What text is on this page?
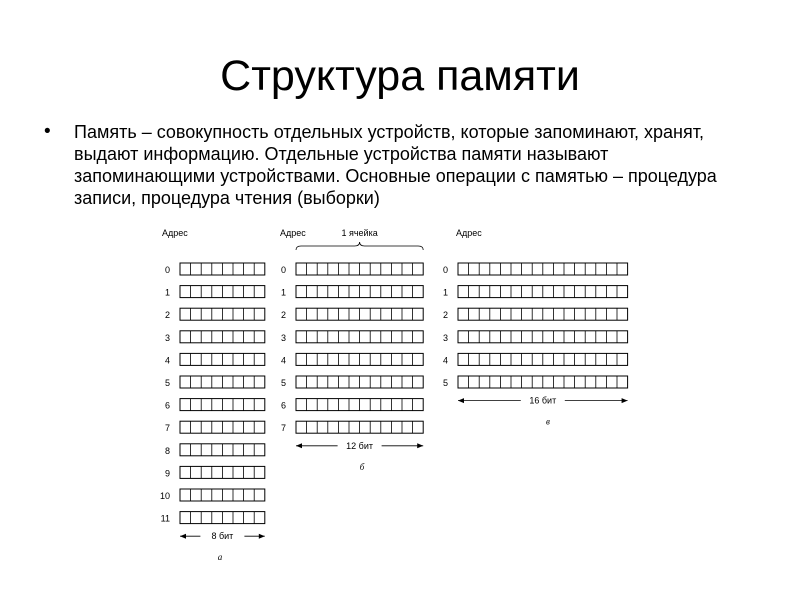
Структура памяти
• Память – совокупность отдельных устройств, которые запоминают, хранят, выдают информацию. Отдельные устройства памяти называют запоминающими устройствами. Основные операции с памятью – процедура записи, процедура чтения (выборки)
Адрес
0
1
2
3
4
5
6
7
8
9
10
11
8 бит
а
Адрес
0
1
2
3
4
5
6
7
12 бит
б
1 ячейка	Адрес
0
1
2
3
4
5
16 бит
в
